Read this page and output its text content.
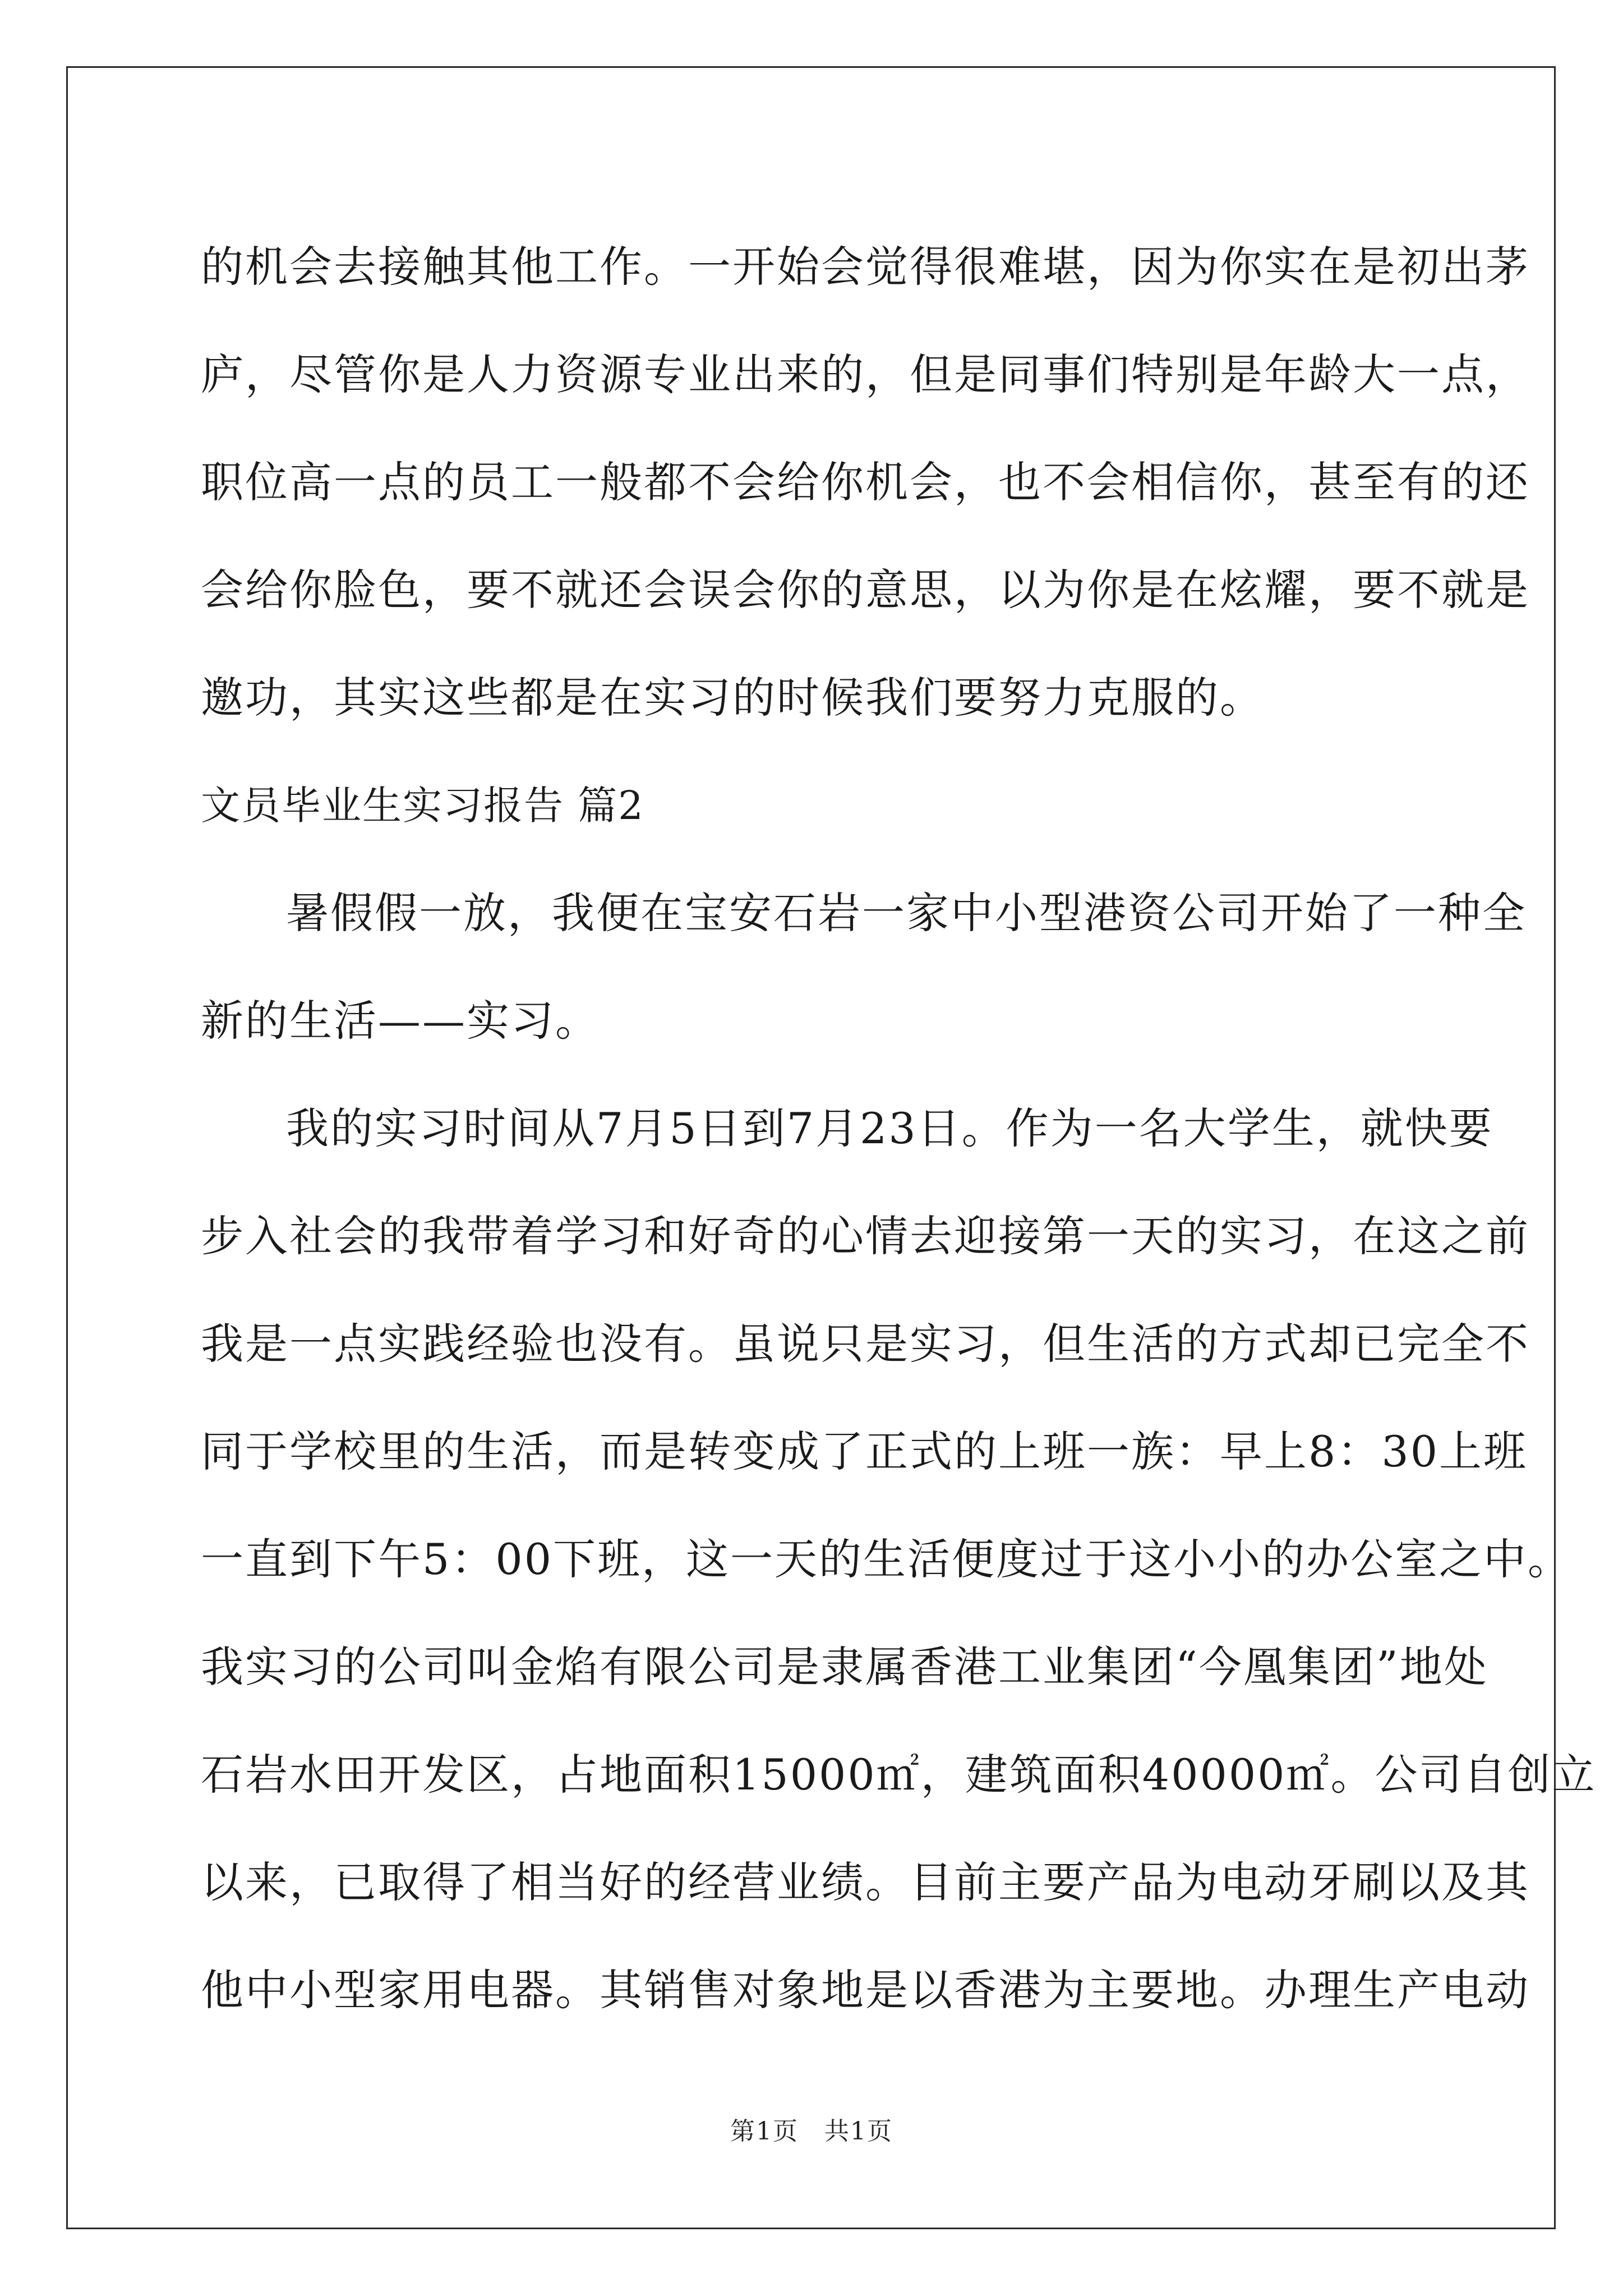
的机会去接触其他工作。一开始会觉得很难堪，因为你实在是初出茅
庐，尽管你是人力资源专业出来的，但是同事们特别是年龄大一点，
职位高一点的员工一般都不会给你机会，也不会相信你，甚至有的还
会给你脸色，要不就还会误会你的意思，以为你是在炫耀，要不就是
邀功，其实这些都是在实习的时候我们要努力克服的。
文员毕业生实习报告 篇2
暑假假一放，我便在宝安石岩一家中小型港资公司开始了一种全
新的生活——实习。
我的实习时间从7月5日到7月23日。作为一名大学生，就快要
步入社会的我带着学习和好奇的心情去迎接第一天的实习，在这之前
我是一点实践经验也没有。虽说只是实习，但生活的方式却已完全不
同于学校里的生活，而是转变成了正式的上班一族：早上8：30上班
一直到下午5：00下班，这一天的生活便度过于这小小的办公室之中。
我实习的公司叫金焰有限公司是隶属香港工业集团“今凰集团”地处
石岩水田开发区，占地面积15000㎡，建筑面积40000㎡。公司自创立
以来，已取得了相当好的经营业绩。目前主要产品为电动牙刷以及其
他中小型家用电器。其销售对象地是以香港为主要地。办理生产电动
第1页　共1页
